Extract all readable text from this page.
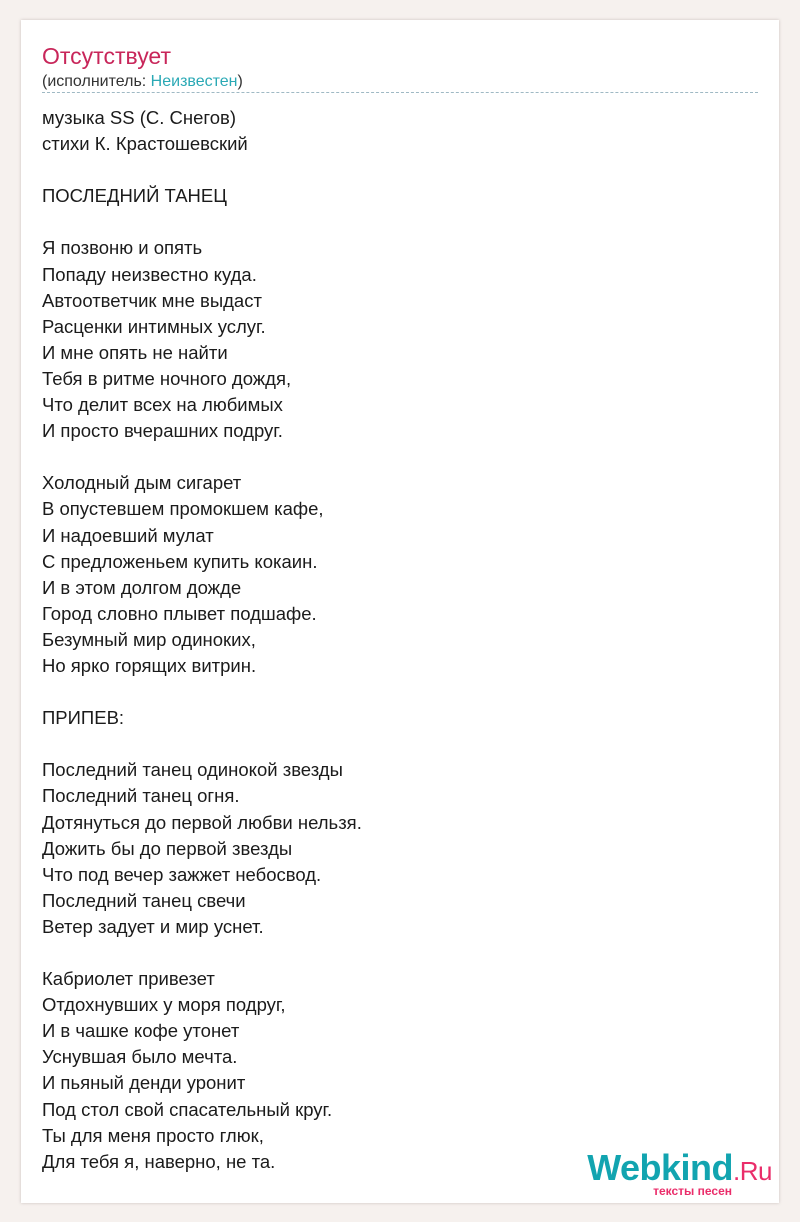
Отсутствует
(исполнитель: Неизвестен)
музыка SS (С. Снегов)
стихи К. Крастошевский
ПОСЛЕДНИЙ ТАНЕЦ
Я позвоню и опять
Попаду неизвестно куда.
Автоответчик мне выдаст
Расценки интимных услуг.
И мне опять не найти
Тебя в ритме ночного дождя,
Что делит всех на любимых
И просто вчерашних подруг.
Холодный дым сигарет
В опустевшем промокшем кафе,
И надоевший мулат
С предложеньем купить кокаин.
И в этом долгом дожде
Город словно плывет подшафе.
Безумный мир одиноких,
Но ярко горящих витрин.
ПРИПЕВ:
Последний танец одинокой звезды
Последний танец огня.
Дотянуться до первой любви нельзя.
Дожить бы до первой звезды
Что под вечер зажжет небосвод.
Последний танец свечи
Ветер задует и мир уснет.
Кабриолет привезет
Отдохнувших у моря подруг,
И в чашке кофе утонет
Уснувшая было мечта.
И пьяный денди уронит
Под стол свой спасательный круг.
Ты для меня просто глюк,
Для тебя я, наверно, не та.	Webkind.Ru
тексты песен
